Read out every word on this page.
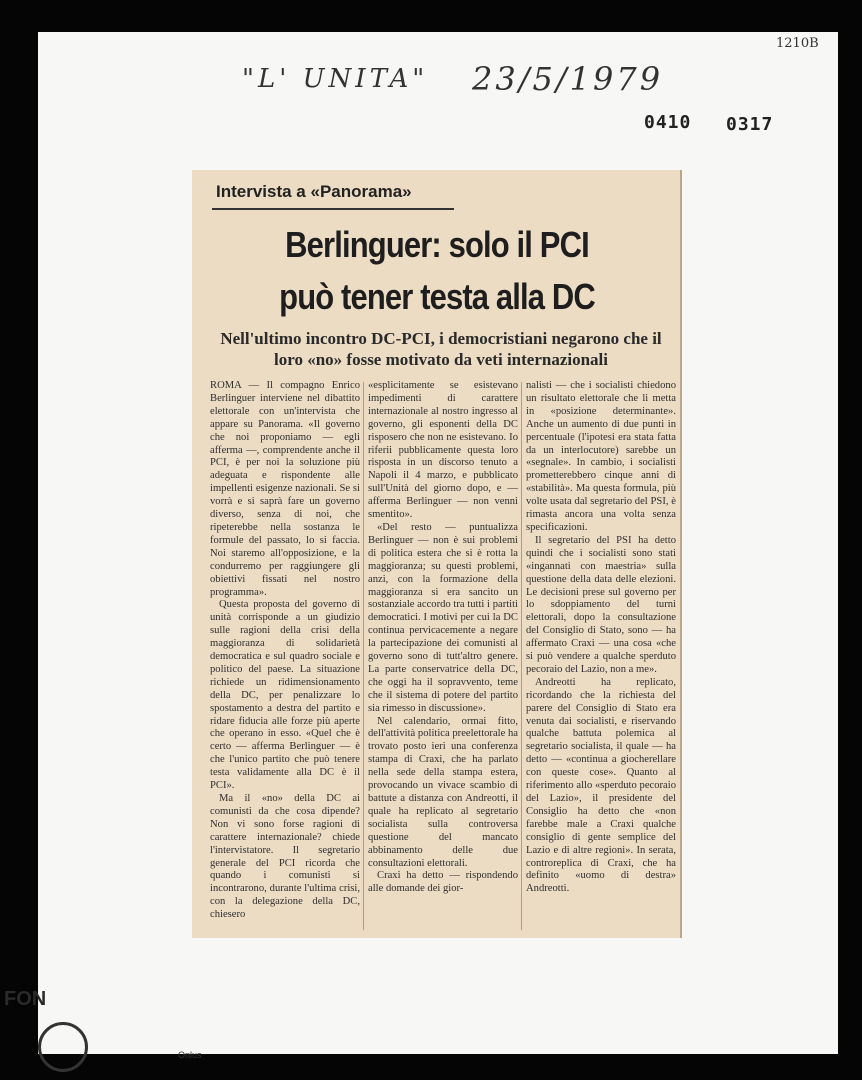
"L' UNITA" 23/5/1979
1210B
0410 0317
Intervista a «Panorama»
Berlinguer: solo il PCI
può tener testa alla DC
Nell'ultimo incontro DC-PCI, i democristiani negarono che il loro «no» fosse motivato da veti internazionali

ROMA — Il compagno Enrico Berlinguer interviene nel dibattito elettorale con un'intervista che appare su Panorama. «Il governo che noi proponiamo — egli afferma —, comprendente anche il PCI, è per noi la soluzione più adeguata e rispondente alle impellenti esigenze nazionali. Se si vorrà e si saprà fare un governo diverso, senza di noi, che ripeterebbe nella sostanza le formule del passato, lo si faccia. Noi staremo all'opposizione, e la condurremo per raggiungere gli obiettivi fissati nel nostro programma».

Questa proposta del governo di unità corrisponde a un giudizio sulle ragioni della crisi della maggioranza di solidarietà democratica e sul quadro sociale e politico del paese. La situazione richiede un ridimensionamento della DC, per penalizzare lo spostamento a destra del partito e ridare fiducia alle forze più aperte che operano in esso. «Quel che è certo — afferma Berlinguer — è che l'unico partito che può tenere testa validamente alla DC è il PCI».

Ma il «no» della DC ai comunisti da che cosa dipende? Non vi sono forse ragioni di carattere internazionale? chiede l'intervistatore. Il segretario generale del PCI ricorda che quando i comunisti si incontrarono, durante l'ultima crisi, con la delegazione della DC, chiesero

«esplicitamente se esistevano impedimenti di carattere internazionale al nostro ingresso al governo, gli esponenti della DC risposero che non ne esistevano. Io riferii pubblicamente questa loro risposta in un discorso tenuto a Napoli il 4 marzo, e pubblicato sull'Unità del giorno dopo, e — afferma Berlinguer — non venni smentito».

«Del resto — puntualizza Berlinguer — non è sui problemi di politica estera che si è rotta la maggioranza; su questi problemi, anzi, con la formazione della maggioranza si era sancito un sostanziale accordo tra tutti i partiti democratici. I motivi per cui la DC continua pervicacemente a negare la partecipazione dei comunisti al governo sono di tutt'altro genere. La parte conservatrice della DC, che oggi ha il sopravvento, teme che il sistema di potere del partito sia rimesso in discussione».

Nel calendario, ormai fitto, dell'attività politica preelettorale ha trovato posto ieri una conferenza stampa di Craxi, che ha parlato nella sede della stampa estera, provocando un vivace scambio di battute a distanza con Andreotti, il quale ha replicato al segretario socialista sulla controversa questione del mancato abbinamento delle due consultazioni elettorali.

Craxi ha detto — rispondendo alle domande dei gior-

nalisti — che i socialisti chiedono un risultato elettorale che li metta in «posizione determinante». Anche un aumento di due punti in percentuale (l'ipotesi era stata fatta da un interlocutore) sarebbe un «segnale». In cambio, i socialisti prometterebbero cinque anni di «stabilità». Ma questa formula, più volte usata dal segretario del PSI, è rimasta ancora una volta senza specificazioni.

Il segretario del PSI ha detto quindi che i socialisti sono stati «ingannati con maestria» sulla questione della data delle elezioni. Le decisioni prese sul governo per lo sdoppiamento del turni elettorali, dopo la consultazione del Consiglio di Stato, sono — ha affermato Craxi — una cosa «che si può vendere a qualche sperduto pecoraio del Lazio, non a me».

Andreotti ha replicato, ricordando che la richiesta del parere del Consiglio di Stato era venuta dai socialisti, e riservando qualche battuta polemica al segretario socialista, il quale — ha detto — «continua a giocherellare con queste cose». Quanto al riferimento allo «sperduto pecoraio del Lazio», il presidente del Consiglio ha detto che «non farebbe male a Craxi qualche consiglio di gente semplice del Lazio e di altre regioni». In serata, controreplica di Craxi, che ha definito «uomo di destra» Andreotti.

FON
Onlus
